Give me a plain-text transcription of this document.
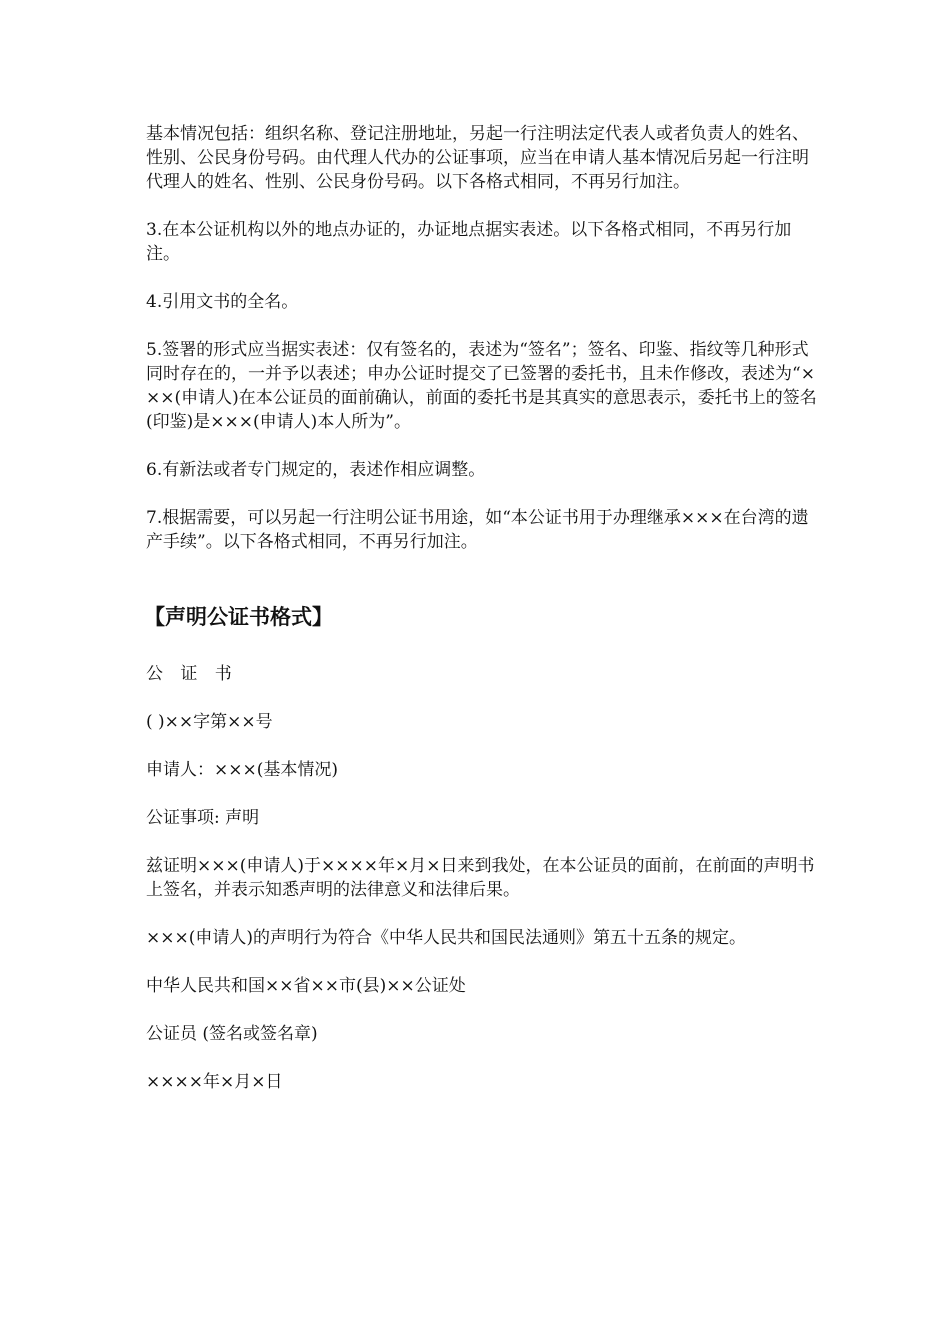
基本情况包括：组织名称、登记注册地址，另起一行注明法定代表人或者负责人的姓名、性别、公民身份号码。由代理人代办的公证事项，应当在申请人基本情况后另起一行注明代理人的姓名、性别、公民身份号码。以下各格式相同，不再另行加注。

3.在本公证机构以外的地点办证的，办证地点据实表述。以下各格式相同，不再另行加注。

4.引用文书的全名。

5.签署的形式应当据实表述：仅有签名的，表述为“签名”；签名、印鉴、指纹等几种形式同时存在的，一并予以表述；申办公证时提交了已签署的委托书，且未作修改，表述为“×××(申请人)在本公证员的面前确认，前面的委托书是其真实的意思表示，委托书上的签名(印鉴)是×××(申请人)本人所为”。

6.有新法或者专门规定的，表述作相应调整。

7.根据需要，可以另起一行注明公证书用途，如“本公证书用于办理继承×××在台湾的遗产手续”。以下各格式相同，不再另行加注。

【声明公证书格式】

公 证 书

( )××字第××号

申请人：×××(基本情况)

公证事项: 声明

兹证明×××(申请人)于××××年×月×日来到我处，在本公证员的面前，在前面的声明书上签名，并表示知悉声明的法律意义和法律后果。

×××(申请人)的声明行为符合《中华人民共和国民法通则》第五十五条的规定。

中华人民共和国××省××市(县)××公证处

公证员 (签名或签名章)

××××年×月×日
